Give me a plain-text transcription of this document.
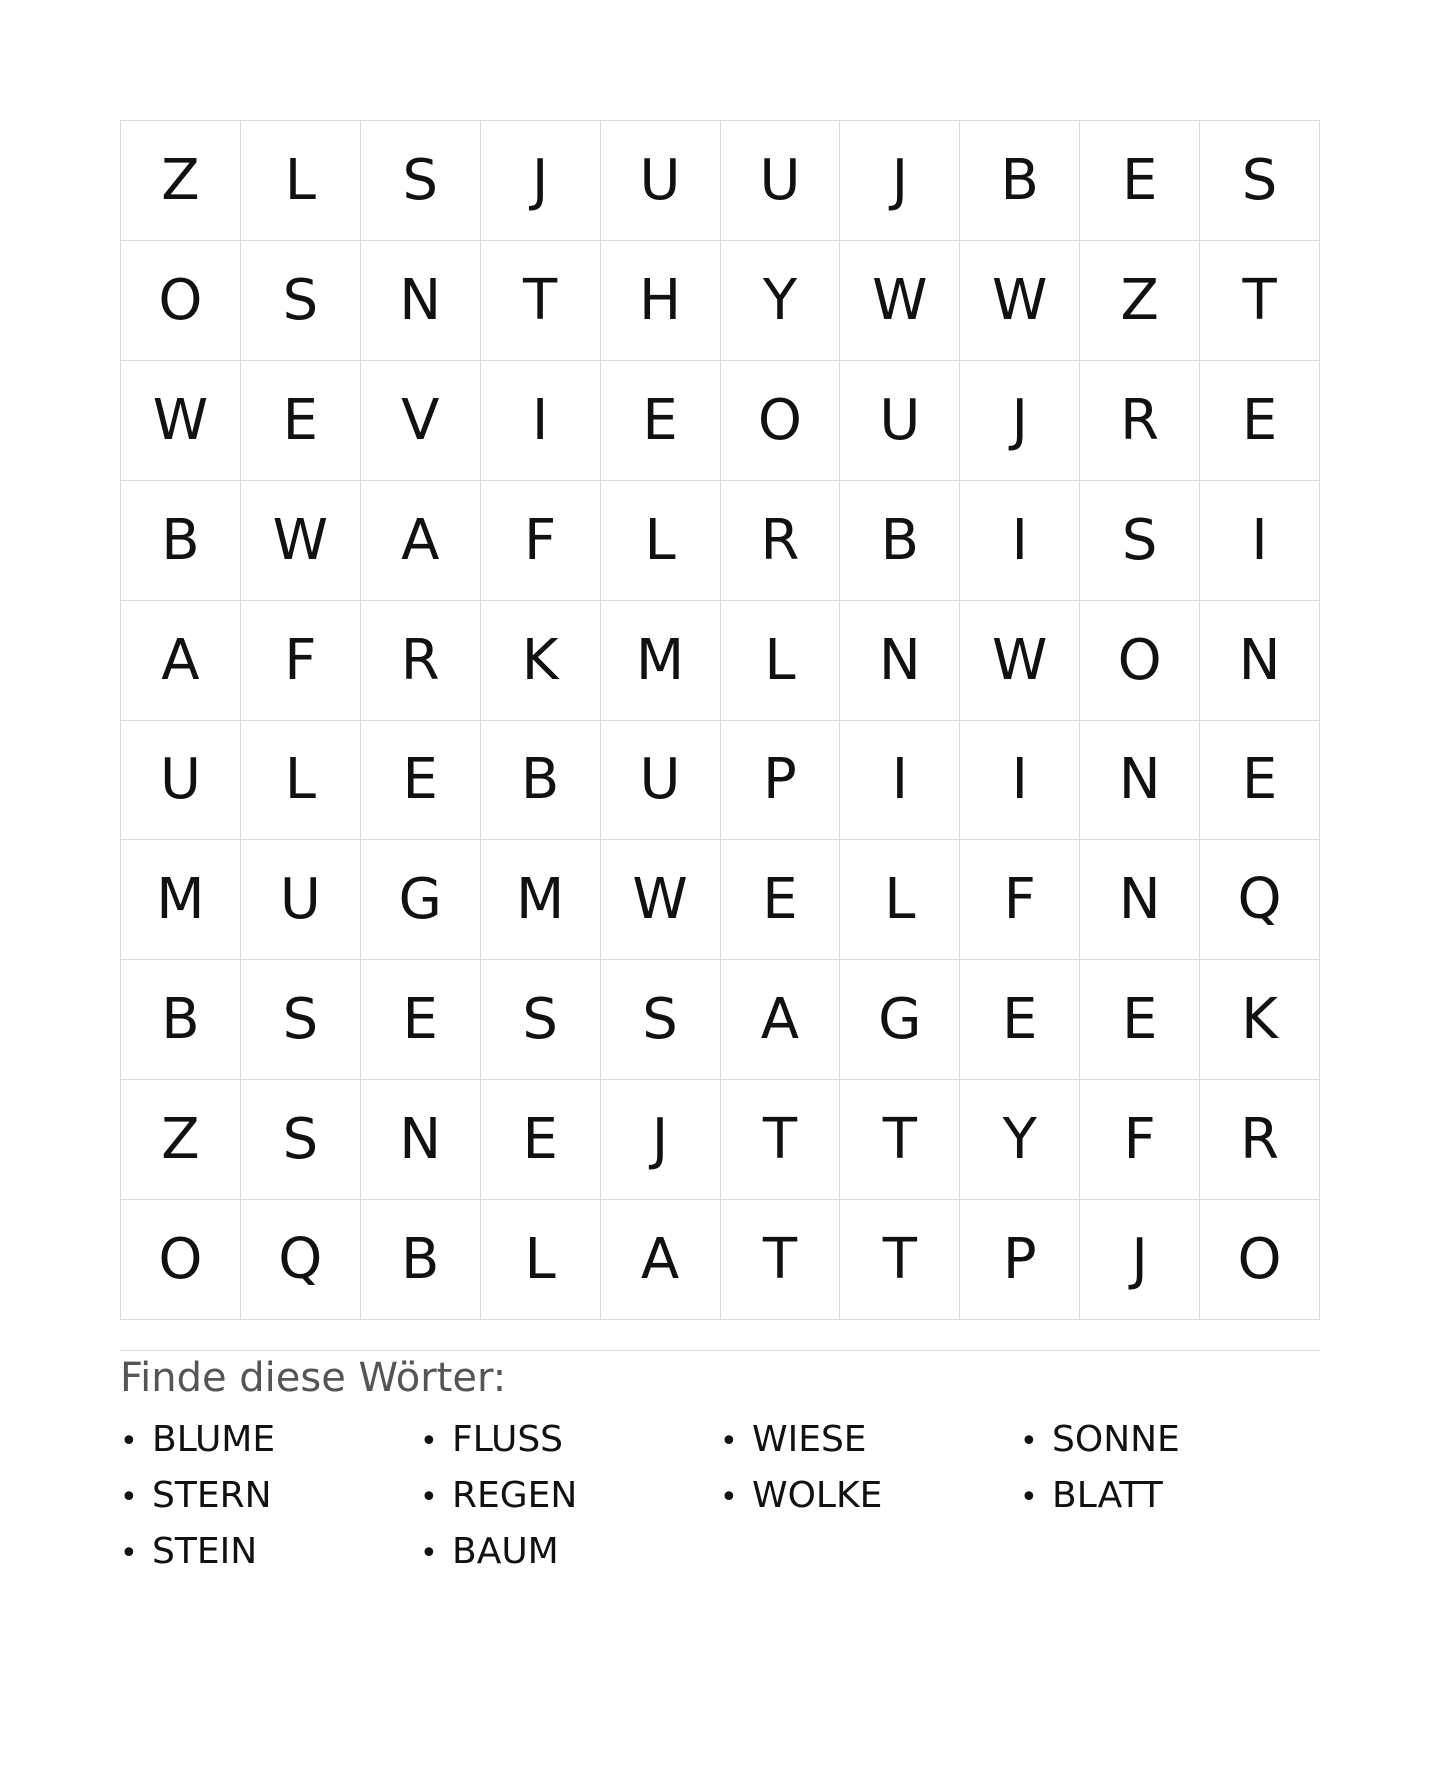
Z	L	S	J	U	U	J	B	E	S
O	S	N	T	H	Y	W	W	Z	T
W	E	V	I	E	O	U	J	R	E
B	W	A	F	L	R	B	I	S	I
A	F	R	K	M	L	N	W	O	N
U	L	E	B	U	P	I	I	N	E
M	U	G	M	W	E	L	F	N	Q
B	S	E	S	S	A	G	E	E	K
Z	S	N	E	J	T	T	Y	F	R
O	Q	B	L	A	T	T	P	J	O
Finde diese Wörter:
• BLUME	• FLUSS	• WIESE	• SONNE
• STERN	• REGEN	• WOLKE	• BLATT
• STEIN	• BAUM
